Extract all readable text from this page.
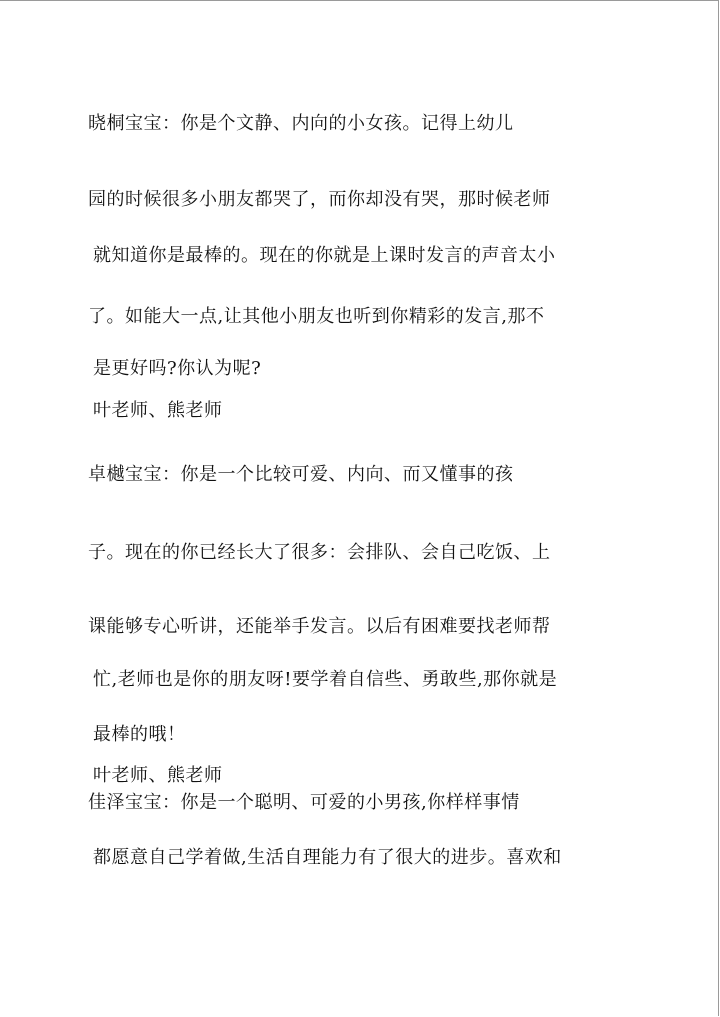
晓桐宝宝：你是个文静、内向的小女孩。记得上幼儿
园的时候很多小朋友都哭了，而你却没有哭，那时候老师
就知道你是最棒的。现在的你就是上课时发言的声音太小
了。如能大一点,让其他小朋友也听到你精彩的发言,那不
是更好吗?你认为呢?
叶老师、熊老师
卓樾宝宝：你是一个比较可爱、内向、而又懂事的孩
子。现在的你已经长大了很多：会排队、会自己吃饭、上
课能够专心听讲，还能举手发言。以后有困难要找老师帮
忙,老师也是你的朋友呀!要学着自信些、勇敢些,那你就是
最棒的哦！
叶老师、熊老师
佳泽宝宝：你是一个聪明、可爱的小男孩,你样样事情
都愿意自己学着做,生活自理能力有了很大的进步。喜欢和
